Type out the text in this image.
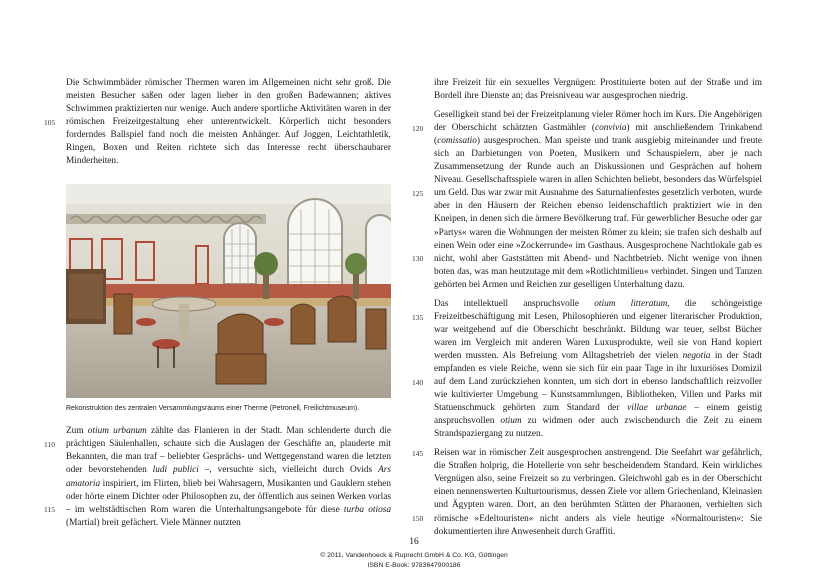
105

Die Schwimmbäder römischer Thermen waren im Allgemeinen nicht sehr groß. Die meisten Besucher saßen oder lagen lieber in den großen Badewannen; aktives Schwimmen praktizierten nur wenige. Auch andere sportliche Aktivitäten waren in der römischen Freizeitgestaltung eher unterentwickelt. Körperlich nicht besonders forderndes Ballspiel fand noch die meisten Anhänger. Auf Joggen, Leichtathletik, Ringen, Boxen und Reiten richtete sich das Interesse recht überschaubarer Minderheiten.

Rekonstruktion des zentralen Versammlungsraums einer Therme (Petronell, Freilichtmuseum).
110
115

Zum otium urbanum zählte das Flanieren in der Stadt. Man schlenderte durch die prächtigen Säulenhallen, schaute sich die Auslagen der Geschäfte an, plauderte mit Bekannten, die man traf – beliebter Gesprächs- und Wettgegenstand waren die letzten oder bevorstehenden ludi publici –, versuchte sich, vielleicht durch Ovids Ars amatoria inspiriert, im Flirten, blieb bei Wahrsagern, Musikanten und Gauklern stehen oder hörte einem Dichter oder Philosophen zu, der öffentlich aus seinen Werken vorlas – im weltstädtischen Rom waren die Unterhaltungsangebote für diese turba otiosa (Martial) breit gefächert. Viele Männer nutzten

ihre Freizeit für ein sexuelles Vergnügen: Prostituierte boten auf der Straße und im Bordell ihre Dienste an; das Preisniveau war ausgesprochen niedrig.

120
125
130

Geselligkeit stand bei der Freizeitplanung vieler Römer hoch im Kurs. Die Angehörigen der Oberschicht schätzten Gastmähler (convivia) mit anschließendem Trinkabend (comissatio) ausgesprochen. Man speiste und trank ausgiebig miteinander und freute sich an Darbietungen von Poeten, Musikern und Schauspielern, aber je nach Zusammensetzung der Runde auch an Diskussionen und Gesprächen auf hohem Niveau. Gesellschaftsspiele waren in allen Schichten beliebt, besonders das Würfelspiel um Geld. Das war zwar mit Ausnahme des Saturnalienfestes gesetzlich verboten, wurde aber in den Häusern der Reichen ebenso leidenschaftlich praktiziert wie in den Kneipen, in denen sich die ärmere Bevölkerung traf. Für gewerblicher Besuche oder gar »Partys« waren die Wohnungen der meisten Römer zu klein; sie trafen sich deshalb auf einen Wein oder eine »Zockerrunde« im Gasthaus. Ausgesprochene Nachtlokale gab es nicht, wohl aber Gaststätten mit Abend- und Nachtbetrieb. Nicht wenige von ihnen boten das, was man heutzutage mit dem »Rotlichtmilieu« verbindet. Singen und Tanzen gehörten bei Armen und Reichen zur geselligen Unterhaltung dazu.

135
140

Das intellektuell anspruchsvolle otium litteratum, die schöngeistige Freizeitbeschäftigung mit Lesen, Philosophieren und eigener literarischer Produktion, war weitgehend auf die Oberschicht beschränkt. Bildung war teuer, selbst Bücher waren im Vergleich mit anderen Waren Luxusprodukte, weil sie von Hand kopiert werden mussten. Als Befreiung vom Alltagsbetrieb der vielen negotia in der Stadt empfanden es viele Reiche, wenn sie sich für ein paar Tage in ihr luxuriöses Domizil auf dem Land zurückziehen konnten, um sich dort in ebenso landschaftlich reizvoller wie kultivierter Umgebung – Kunstsammlungen, Bibliotheken, Villen und Parks mit Statuenschmuck gehörten zum Standard der villae urbanae – einem geistig anspruchsvollen otium zu widmen oder auch zwischendurch die Zeit zu einem Strandspaziergang zu nutzen.

145
150

Reisen war in römischer Zeit ausgesprochen anstrengend. Die Seefahrt war gefährlich, die Straßen holprig, die Hotellerie von sehr bescheidendem Standard. Kein wirkliches Vergnügen also, seine Freizeit so zu verbringen. Gleichwohl gab es in der Oberschicht einen nennenswerten Kulturtourismus, dessen Ziele vor allem Griechenland, Kleinasien und Ägypten waren. Dort, an den berühmten Stätten der Pharaonen, verhielten sich römische »Edeltouristen« nicht anders als viele heutige »Normaltouristen«: Sie dokumentierten ihre Anwesenheit durch Graffiti.

16
© 2011, Vandenhoeck & Ruprecht GmbH & Co. KG, Göttingen
ISBN E-Book: 9783647900186
